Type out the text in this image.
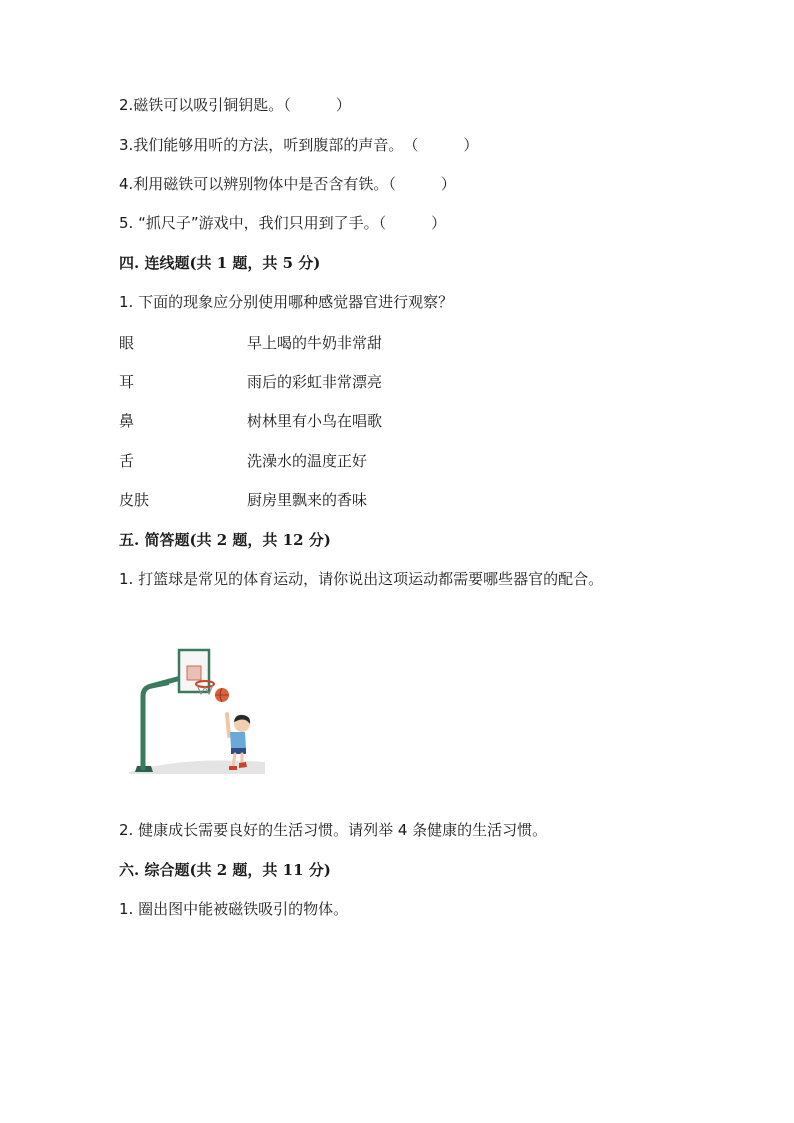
2.磁铁可以吸引铜钥匙。（　　　）
3.我们能够用听的方法，听到腹部的声音。　（　　　）
4.利用磁铁可以辨别物体中是否含有铁。（　　　）
5. “抓尺子”游戏中，我们只用到了手。（　　　）
四. 连线题(共 1 题，共 5 分)
1. 下面的现象应分别使用哪种感觉器官进行观察？
眼	早上喝的牛奶非常甜
耳	雨后的彩虹非常漂亮
鼻	树林里有小鸟在唱歌
舌	洗澡水的温度正好
皮肤	厨房里飘来的香味
五. 简答题(共 2 题，共 12 分)
1. 打篮球是常见的体育运动，请你说出这项运动都需要哪些器官的配合。
2. 健康成长需要良好的生活习惯。请列举 4 条健康的生活习惯。
六. 综合题(共 2 题，共 11 分)
1. 圈出图中能被磁铁吸引的物体。
